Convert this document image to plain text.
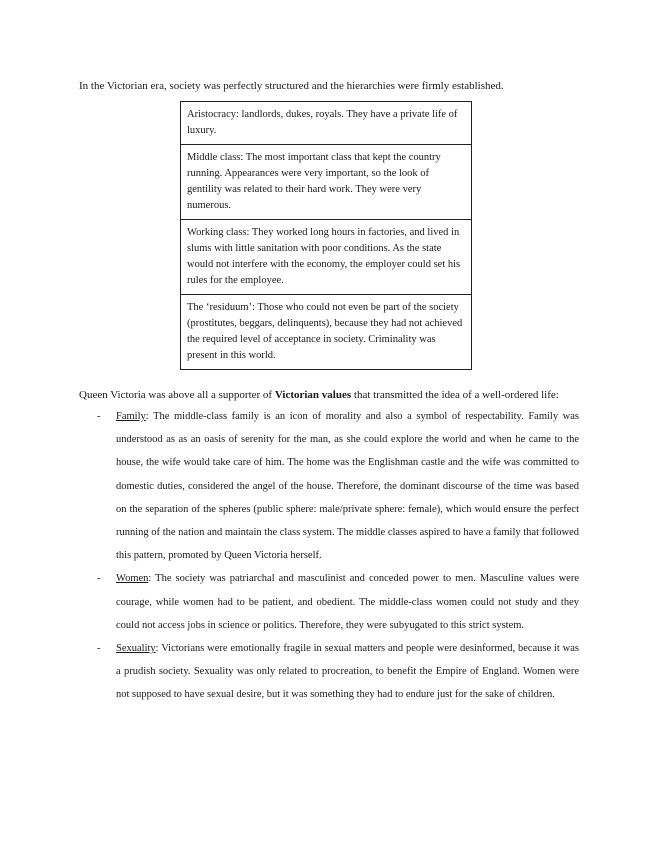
In the Victorian era, society was perfectly structured and the hierarchies were firmly established.

Aristocracy: landlords, dukes, royals. They have a private life of luxury.
Middle class: The most important class that kept the country running. Appearances were very important, so the look of gentility was related to their hard work. They were very numerous.
Working class: They worked long hours in factories, and lived in slums with little sanitation with poor conditions. As the state would not interfere with the economy, the employer could set his rules for the employee.
The ‘residuum’: Those who could not even be part of the society (prostitutes, beggars, delinquents), because they had not achieved the required level of acceptance in society. Criminality was present in this world.

Queen Victoria was above all a supporter of Victorian values that transmitted the idea of a well-ordered life:

- Family: The middle-class family is an icon of morality and also a symbol of respectability. Family was understood as as an oasis of serenity for the man, as she could explore the world and when he came to the house, the wife would take care of him. The home was the Englishman castle and the wife was committed to domestic duties, considered the angel of the house. Therefore, the dominant discourse of the time was based on the separation of the spheres (public sphere: male/private sphere: female), which would ensure the perfect running of the nation and maintain the class system. The middle classes aspired to have a family that followed this pattern, promoted by Queen Victoria herself.
- Women: The society was patriarchal and masculinist and conceded power to men. Masculine values were courage, while women had to be patient, and obedient. The middle-class women could not study and they could not access jobs in science or politics. Therefore, they were subyugated to this strict system.
- Sexuality: Victorians were emotionally fragile in sexual matters and people were desinformed, because it was a prudish society. Sexuality was only related to procreation, to benefit the Empire of England. Women were not supposed to have sexual desire, but it was something they had to endure just for the sake of children.
